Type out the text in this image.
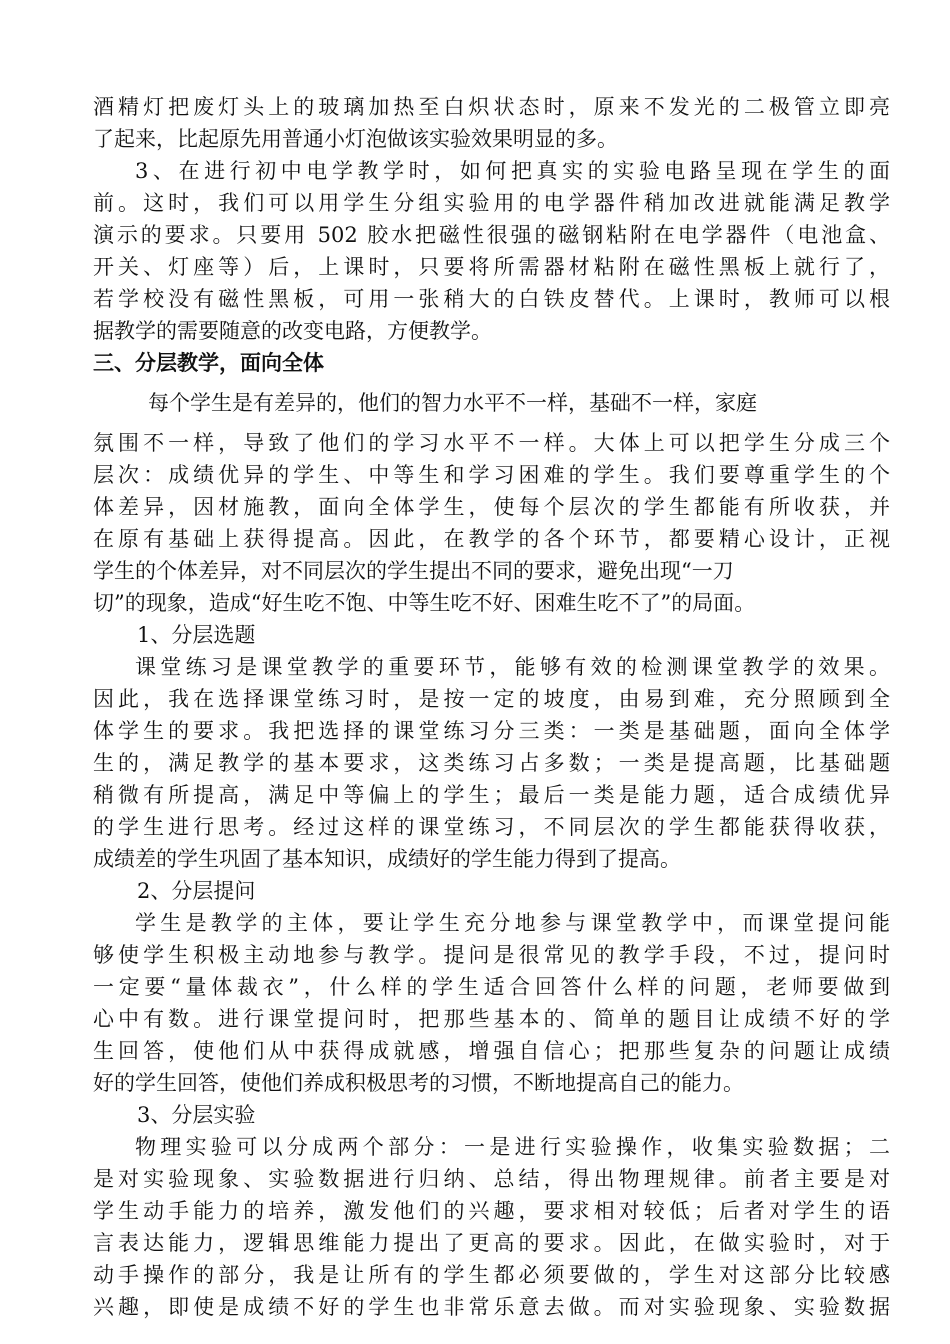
酒精灯把废灯头上的玻璃加热至白炽状态时，原来不发光的二极管立即亮
了起来，比起原先用普通小灯泡做该实验效果明显的多。
3、在进行初中电学教学时，如何把真实的实验电路呈现在学生的面
前。这时，我们可以用学生分组实验用的电学器件稍加改进就能满足教学
演示的要求。只要用 502 胶水把磁性很强的磁钢粘附在电学器件（电池盒、
开关、灯座等）后，上课时，只要将所需器材粘附在磁性黑板上就行了，
若学校没有磁性黑板，可用一张稍大的白铁皮替代。上课时，教师可以根
据教学的需要随意的改变电路，方便教学。
三、分层教学，面向全体
每个学生是有差异的，他们的智力水平不一样，基础不一样，家庭
氛围不一样，导致了他们的学习水平不一样。大体上可以把学生分成三个
层次：成绩优异的学生、中等生和学习困难的学生。我们要尊重学生的个
体差异，因材施教，面向全体学生，使每个层次的学生都能有所收获，并
在原有基础上获得提高。因此，在教学的各个环节，都要精心设计，正视
学生的个体差异，对不同层次的学生提出不同的要求，避免出现“一刀
切”的现象，造成“好生吃不饱、中等生吃不好、困难生吃不了”的局面。
1、分层选题
课堂练习是课堂教学的重要环节，能够有效的检测课堂教学的效果。
因此，我在选择课堂练习时，是按一定的坡度，由易到难，充分照顾到全
体学生的要求。我把选择的课堂练习分三类：一类是基础题，面向全体学
生的，满足教学的基本要求，这类练习占多数；一类是提高题，比基础题
稍微有所提高，满足中等偏上的学生；最后一类是能力题，适合成绩优异
的学生进行思考。经过这样的课堂练习，不同层次的学生都能获得收获，
成绩差的学生巩固了基本知识，成绩好的学生能力得到了提高。
2、分层提问
学生是教学的主体，要让学生充分地参与课堂教学中，而课堂提问能
够使学生积极主动地参与教学。提问是很常见的教学手段，不过，提问时
一定要“量体裁衣”，什么样的学生适合回答什么样的问题，老师要做到
心中有数。进行课堂提问时，把那些基本的、简单的题目让成绩不好的学
生回答，使他们从中获得成就感，增强自信心；把那些复杂的问题让成绩
好的学生回答，使他们养成积极思考的习惯，不断地提高自己的能力。
3、分层实验
物理实验可以分成两个部分：一是进行实验操作，收集实验数据；二
是对实验现象、实验数据进行归纳、总结，得出物理规律。前者主要是对
学生动手能力的培养，激发他们的兴趣，要求相对较低；后者对学生的语
言表达能力，逻辑思维能力提出了更高的要求。因此，在做实验时，对于
动手操作的部分，我是让所有的学生都必须要做的，学生对这部分比较感
兴趣，即使是成绩不好的学生也非常乐意去做。而对实验现象、实验数据
